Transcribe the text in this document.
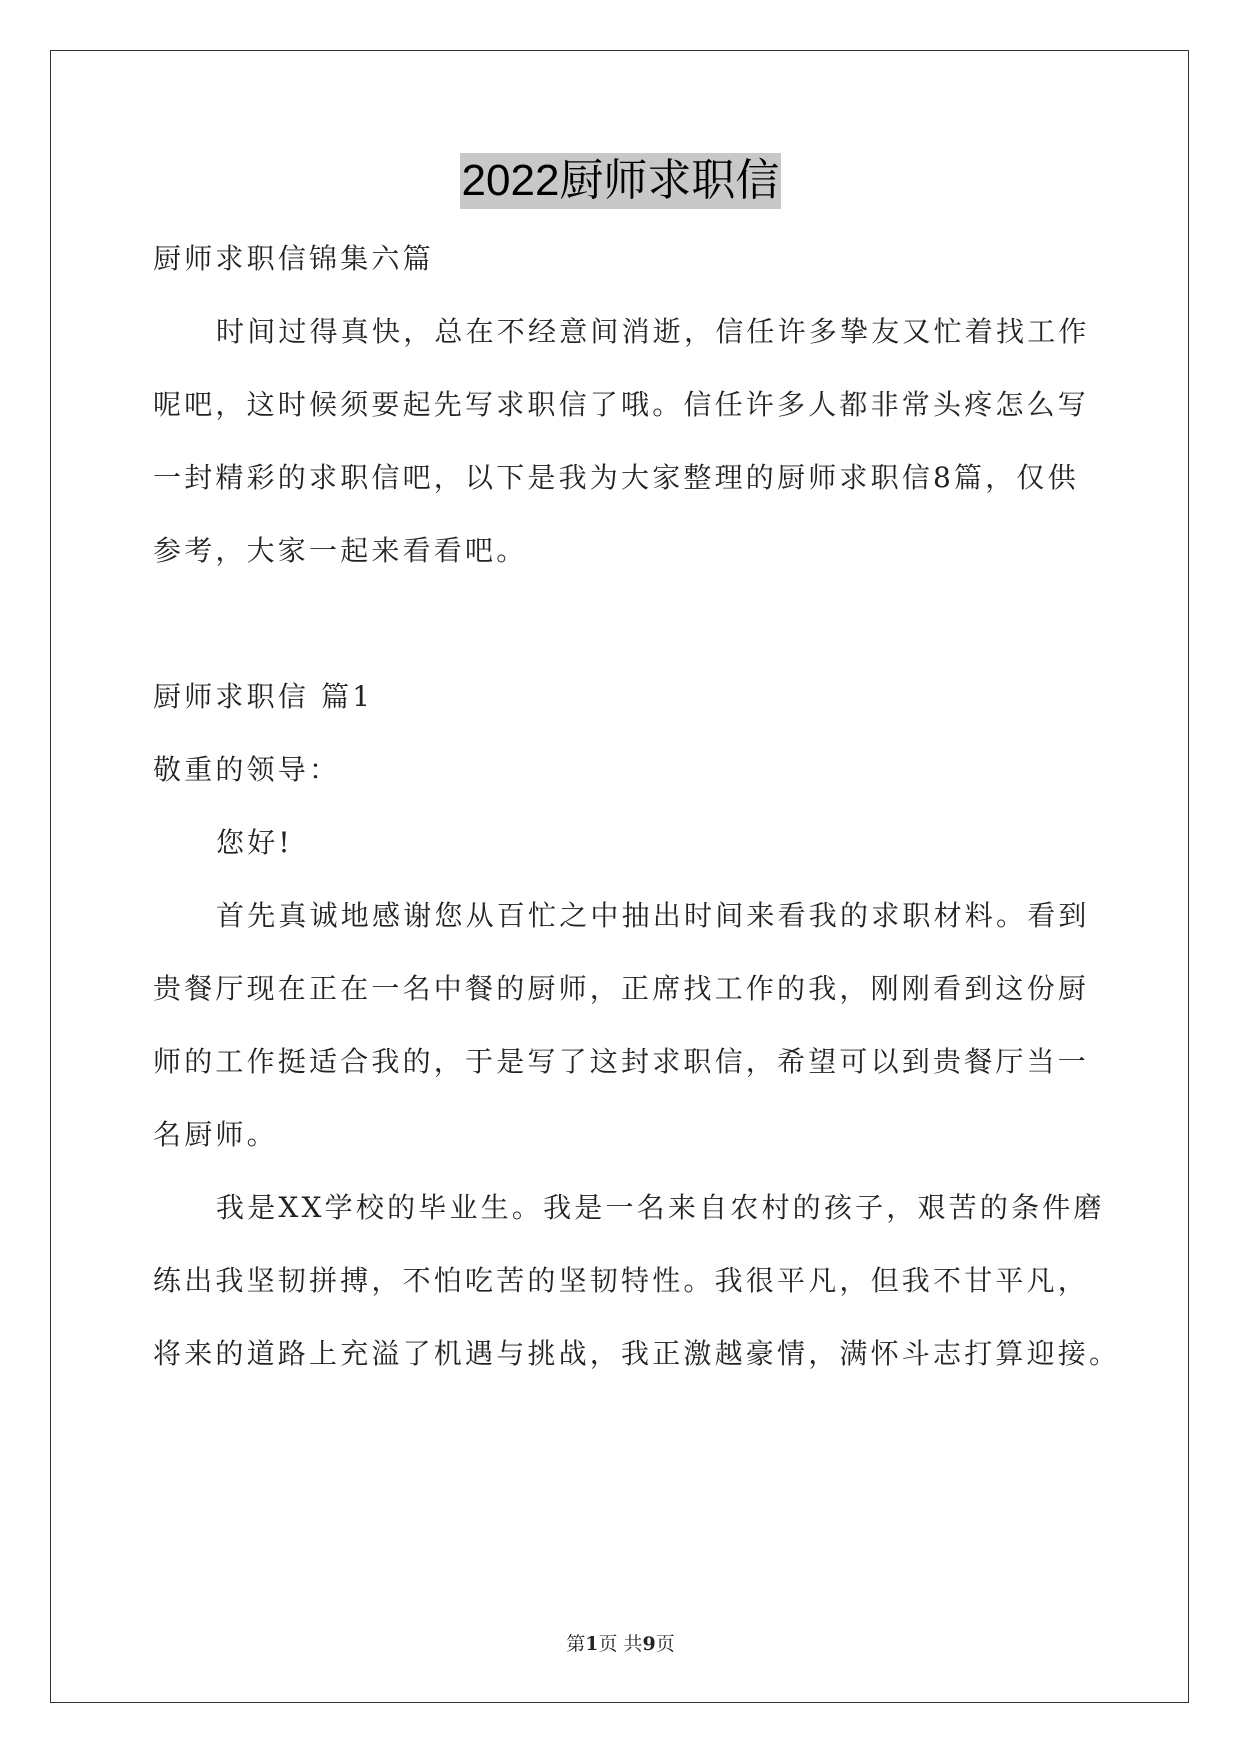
2022厨师求职信
厨师求职信锦集六篇
时间过得真快，总在不经意间消逝，信任许多挚友又忙着找工作
呢吧，这时候须要起先写求职信了哦。信任许多人都非常头疼怎么写
一封精彩的求职信吧，以下是我为大家整理的厨师求职信8篇，仅供
参考，大家一起来看看吧。
厨师求职信 篇1
敬重的领导：
您好!
首先真诚地感谢您从百忙之中抽出时间来看我的求职材料。看到
贵餐厅现在正在一名中餐的厨师，正席找工作的我，刚刚看到这份厨
师的工作挺适合我的，于是写了这封求职信，希望可以到贵餐厅当一
名厨师。
我是XX学校的毕业生。我是一名来自农村的孩子，艰苦的条件磨
练出我坚韧拼搏，不怕吃苦的坚韧特性。我很平凡，但我不甘平凡，
将来的道路上充溢了机遇与挑战，我正激越豪情，满怀斗志打算迎接。
第1页 共9页
